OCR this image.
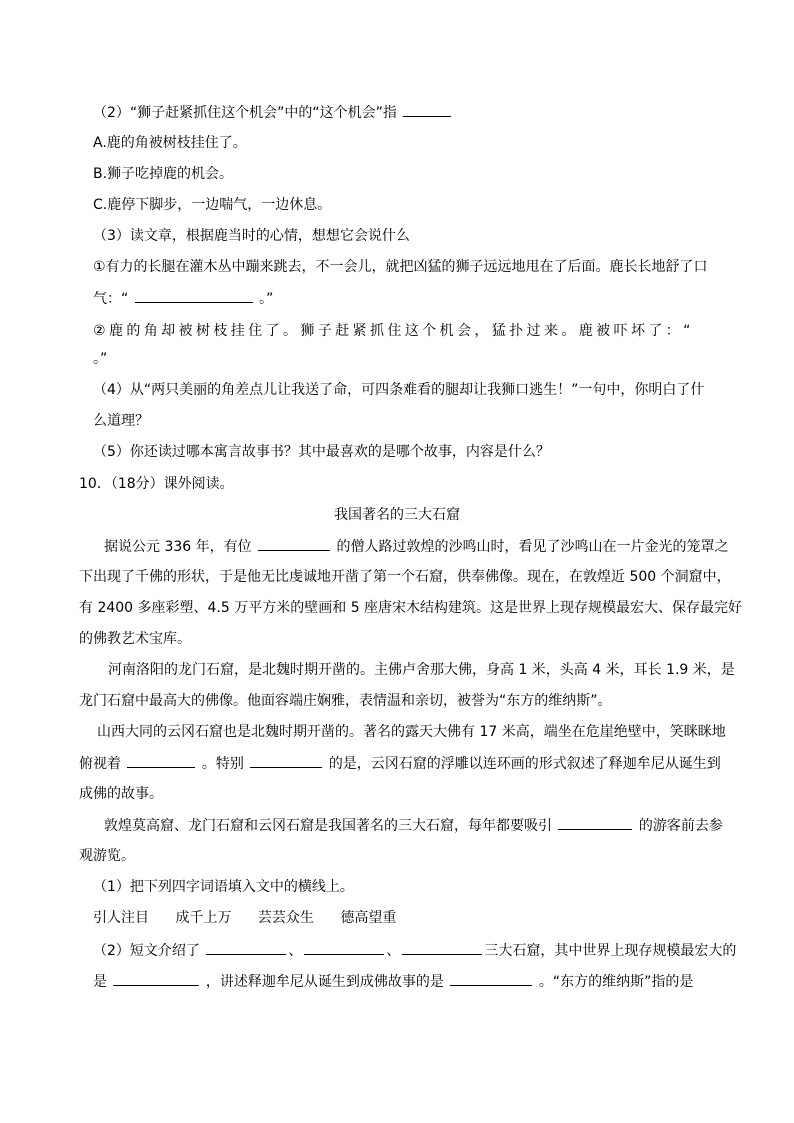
（2）“狮子赶紧抓住这个机会”中的“这个机会”指
A.鹿的角被树枝挂住了。
B.狮子吃掉鹿的机会。
C.鹿停下脚步，一边喘气，一边休息。
（3）读文章，根据鹿当时的心情，想想它会说什么
①有力的长腿在灌木丛中蹦来跳去，不一会儿，就把凶猛的狮子远远地甩在了后面。鹿长长地舒了口
气：“	。”
②鹿的角却被树枝挂住了。狮子赶紧抓住这个机会，猛扑过来。鹿被吓坏了：“
。”
（4）从“两只美丽的角差点儿让我送了命，可四条难看的腿却让我狮口逃生！”一句中，你明白了什
么道理？
（5）你还读过哪本寓言故事书？其中最喜欢的是哪个故事，内容是什么？
10．（18分）课外阅读。
我国著名的三大石窟
据说公元 336 年，有位	的僧人路过敦煌的沙鸣山时，看见了沙鸣山在一片金光的笼罩之
下出现了千佛的形状，于是他无比虔诚地开凿了第一个石窟，供奉佛像。现在，在敦煌近 500 个洞窟中，
有 2400 多座彩塑、4.5 万平方米的壁画和 5 座唐宋木结构建筑。这是世界上现存规模最宏大、保存最完好
的佛教艺术宝库。
河南洛阳的龙门石窟，是北魏时期开凿的。主佛卢舍那大佛，身高 1 米，头高 4 米，耳长 1.9 米，是
龙门石窟中最高大的佛像。他面容端庄娴雅，表情温和亲切，被誉为“东方的维纳斯”。
山西大同的云冈石窟也是北魏时期开凿的。著名的露天大佛有 17 米高，端坐在危崖绝壁中，笑眯眯地
俯视着	。特别	的是，云冈石窟的浮雕以连环画的形式叙述了释迦牟尼从诞生到
成佛的故事。
敦煌莫高窟、龙门石窟和云冈石窟是我国著名的三大石窟，每年都要吸引	的游客前去参
观游览。
（1）把下列四字词语填入文中的横线上。
引人注目 成千上万 芸芸众生 德高望重
（2）短文介绍了	、	、	三大石窟，其中世界上现存规模最宏大的
是	，讲述释迦牟尼从诞生到成佛故事的是	。“东方的维纳斯”指的是
